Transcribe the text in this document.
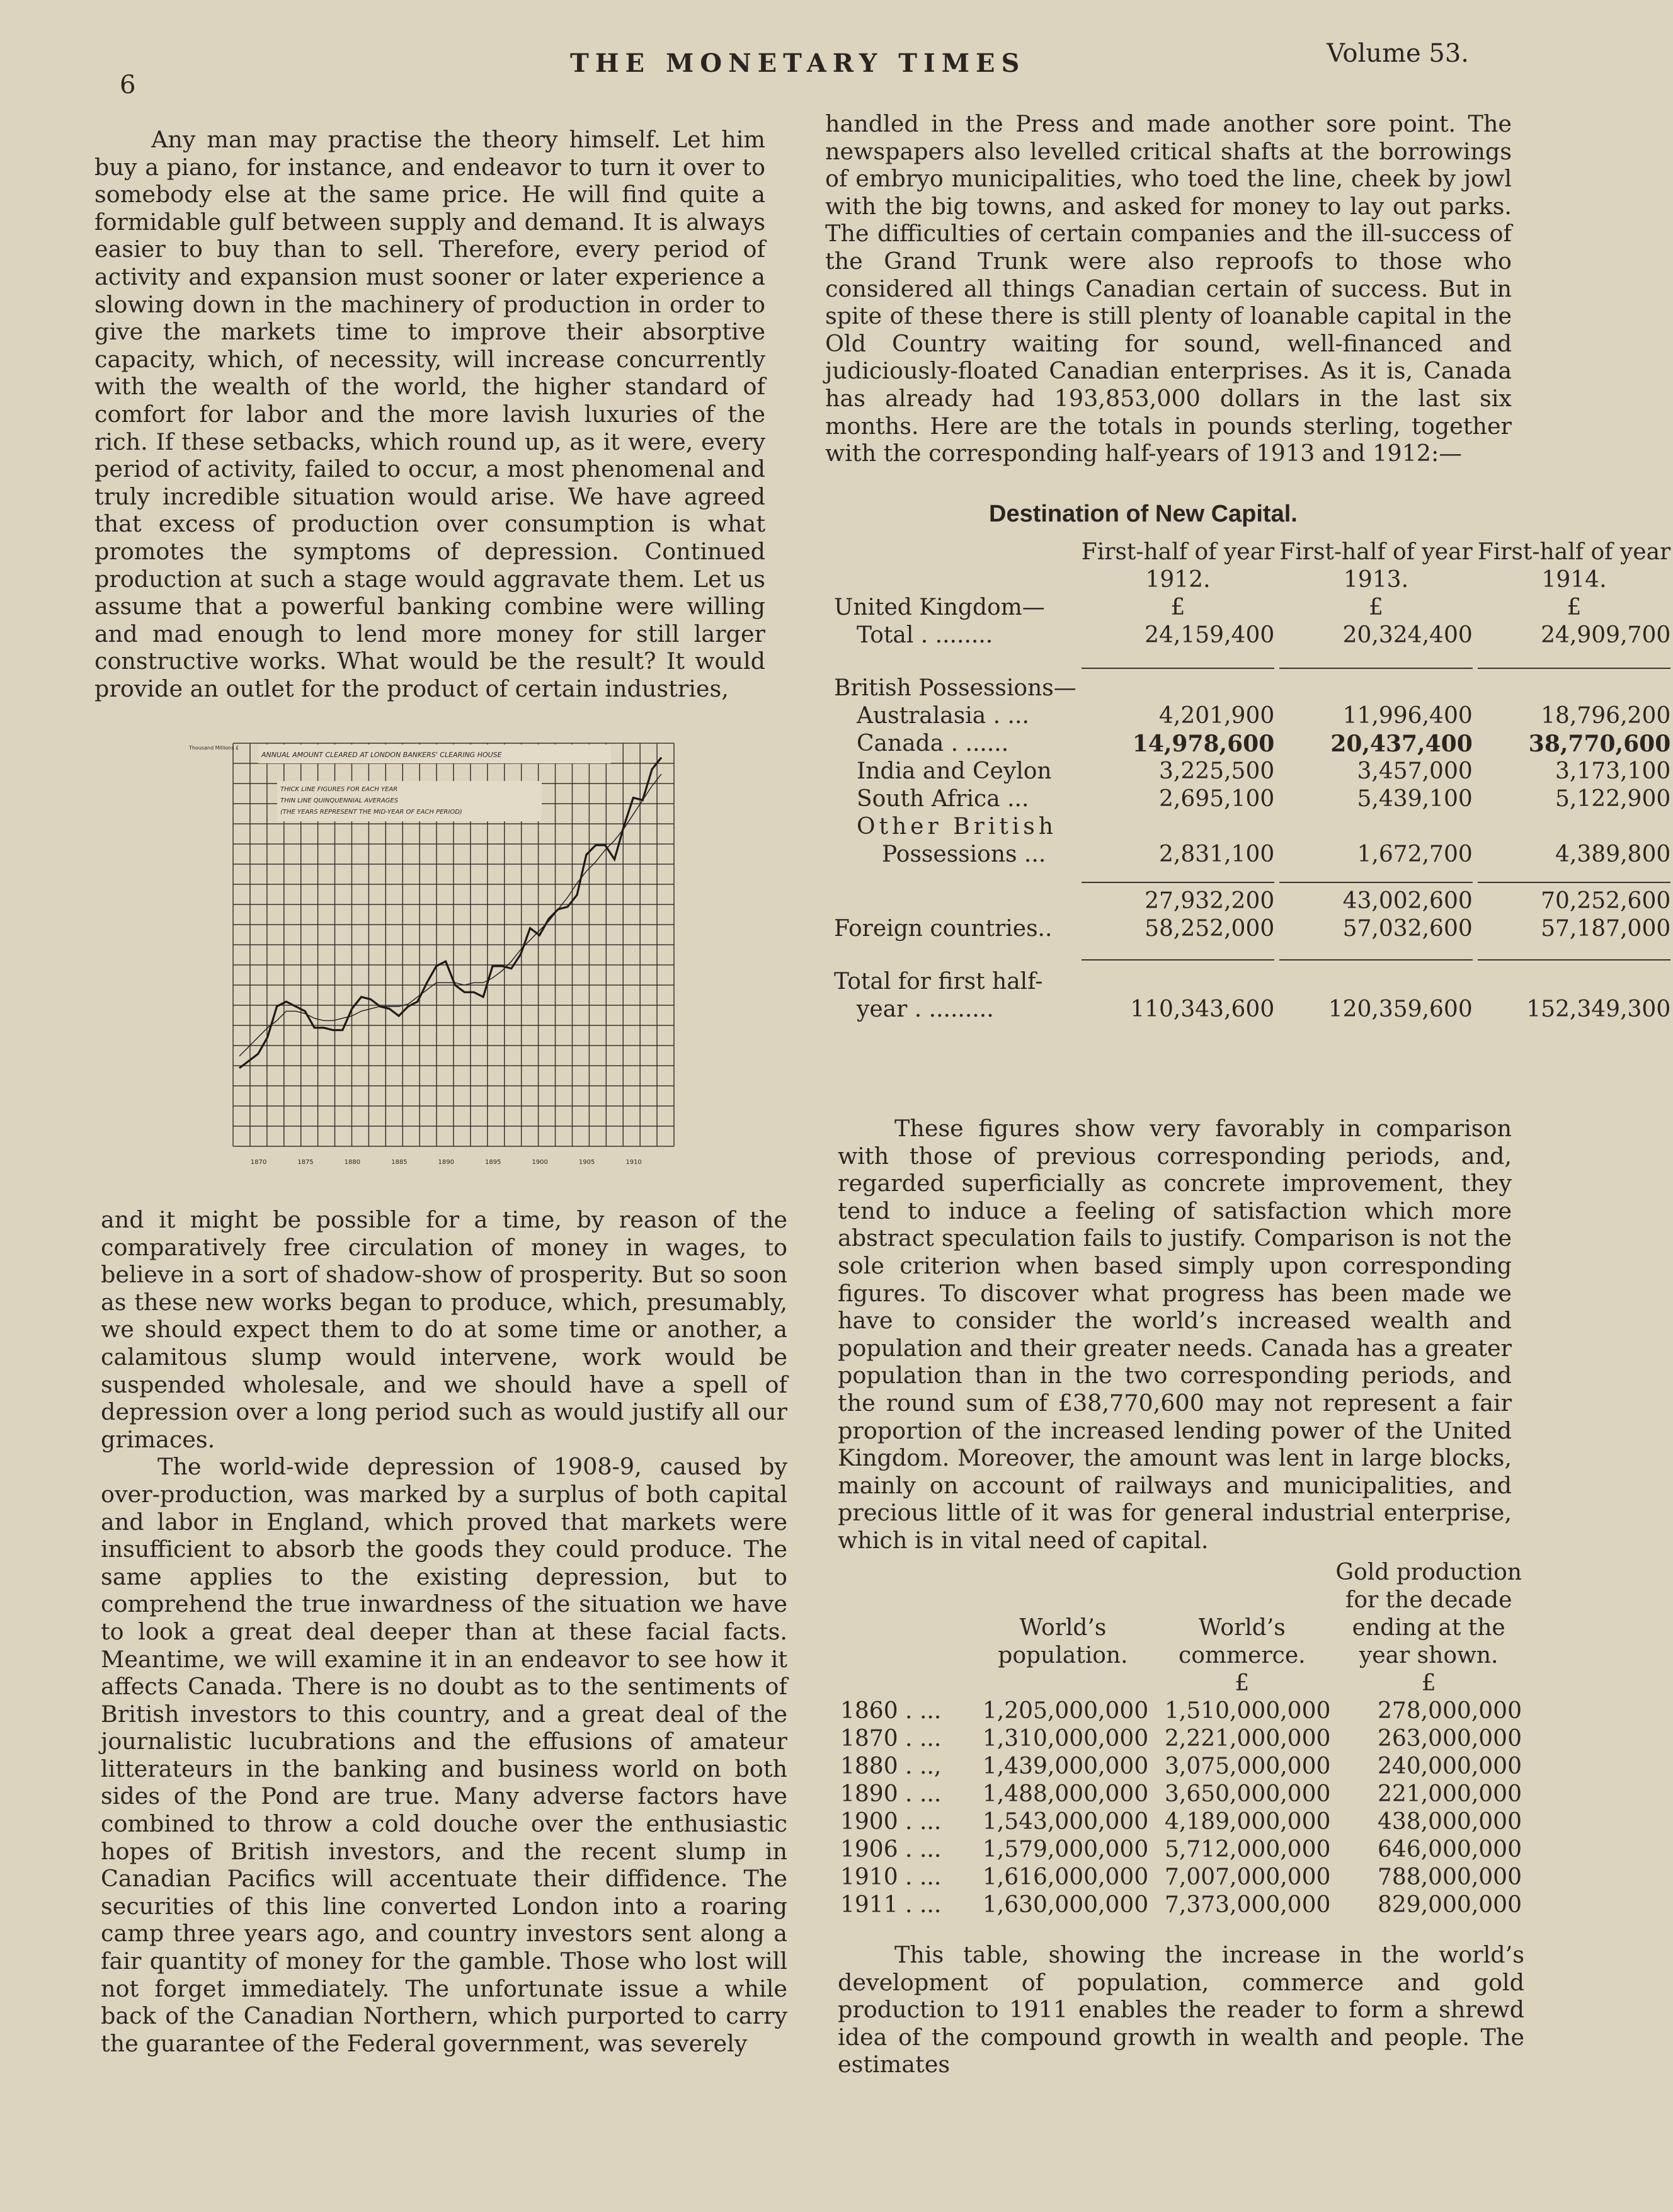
6
THE MONETARY TIMES	Volume 53.

Any man may practise the theory himself. Let him buy a piano, for instance, and endeavor to turn it over to somebody else at the same price. He will find quite a formidable gulf between supply and demand. It is always easier to buy than to sell. Therefore, every period of activity and expansion must sooner or later experience a slowing down in the machinery of production in order to give the markets time to improve their absorptive capacity, which, of necessity, will increase concurrently with the wealth of the world, the higher standard of comfort for labor and the more lavish luxuries of the rich. If these setbacks, which round up, as it were, every period of activity, failed to occur, a most phenomenal and truly incredible situation would arise. We have agreed that excess of production over consumption is what promotes the symptoms of depression. Continued production at such a stage would aggravate them. Let us assume that a powerful banking combine were willing and mad enough to lend more money for still larger constructive works. What would be the result? It would provide an outlet for the product of certain industries,

ANNUAL AMOUNT CLEARED AT LONDON BANKERS' CLEARING HOUSE
THICK LINE FIGURES FOR EACH YEAR
THIN LINE QUINQUENNIAL AVERAGES
(THE YEARS REPRESENT THE MID-YEAR OF EACH PERIOD)
Thousand Millions £
1870	1875	1880	1885	1890	1895	1900	1905	1910

and it might be possible for a time, by reason of the comparatively free circulation of money in wages, to believe in a sort of shadow-show of prosperity. But so soon as these new works began to produce, which, presumably, we should expect them to do at some time or another, a calamitous slump would intervene, work would be suspended wholesale, and we should have a spell of depression over a long period such as would justify all our grimaces.

The world-wide depression of 1908-9, caused by over-production, was marked by a surplus of both capital and labor in England, which proved that markets were insufficient to absorb the goods they could produce. The same applies to the existing depression, but to comprehend the true inwardness of the situation we have to look a great deal deeper than at these facial facts. Meantime, we will examine it in an endeavor to see how it affects Canada. There is no doubt as to the sentiments of British investors to this country, and a great deal of the journalistic lucubrations and the effusions of amateur litterateurs in the banking and business world on both sides of the Pond are true. Many adverse factors have combined to throw a cold douche over the enthusiastic hopes of British investors, and the recent slump in Canadian Pacifics will accentuate their diffidence. The securities of this line converted London into a roaring camp three years ago, and country investors sent along a fair quantity of money for the gamble. Those who lost will not forget immediately. The unfortunate issue a while back of the Canadian Northern, which purported to carry the guarantee of the Federal government, was severely

handled in the Press and made another sore point. The newspapers also levelled critical shafts at the borrowings of embryo municipalities, who toed the line, cheek by jowl with the big towns, and asked for money to lay out parks. The difficulties of certain companies and the ill-success of the Grand Trunk were also reproofs to those who considered all things Canadian certain of success. But in spite of these there is still plenty of loanable capital in the Old Country waiting for sound, well-financed and judiciously-floated Canadian enterprises. As it is, Canada has already had 193,853,000 dollars in the last six months. Here are the totals in pounds sterling, together with the corresponding half-years of 1913 and 1912:—

Destination of New Capital.
	First-half of year	First-half of year	First-half of year
	1912.	1913.	1914.
United Kingdom—	£	£	£
Total . ........	24,159,400	20,324,400	24,909,700

British Possessions—			
Australasia . ...	4,201,900	11,996,400	18,796,200
Canada . ......	14,978,600	20,437,400	38,770,600
India and Ceylon	3,225,500	3,457,000	3,173,100
South Africa ...	2,695,100	5,439,100	5,122,900
Other British			
Possessions ...	2,831,100	1,672,700	4,389,800

	27,932,200	43,002,600	70,252,600
Foreign countries..	58,252,000	57,032,600	57,187,000

Total for first half-			
year . .........	110,343,600	120,359,600	152,349,300

These figures show very favorably in comparison with those of previous corresponding periods, and, regarded superficially as concrete improvement, they tend to induce a feeling of satisfaction which more abstract speculation fails to justify. Comparison is not the sole criterion when based simply upon corresponding figures. To discover what progress has been made we have to consider the world’s increased wealth and population and their greater needs. Canada has a greater population than in the two corresponding periods, and the round sum of £38,770,600 may not represent a fair proportion of the increased lending power of the United Kingdom. Moreover, the amount was lent in large blocks, mainly on account of railways and municipalities, and precious little of it was for general industrial enterprise, which is in vital need of capital.

			Gold production
			for the decade
	World’s	World’s	ending at the
	population.	commerce.	year shown.
		£	£
1860 . ...	1,205,000,000	1,510,000,000	278,000,000
1870 . ...	1,310,000,000	2,221,000,000	263,000,000
1880 . ..,	1,439,000,000	3,075,000,000	240,000,000
1890 . ...	1,488,000,000	3,650,000,000	221,000,000
1900 . ...	1,543,000,000	4,189,000,000	438,000,000
1906 . ...	1,579,000,000	5,712,000,000	646,000,000
1910 . ...	1,616,000,000	7,007,000,000	788,000,000
1911 . ...	1,630,000,000	7,373,000,000	829,000,000

This table, showing the increase in the world’s development of population, commerce and gold production to 1911 enables the reader to form a shrewd idea of the compound growth in wealth and people. The estimates
